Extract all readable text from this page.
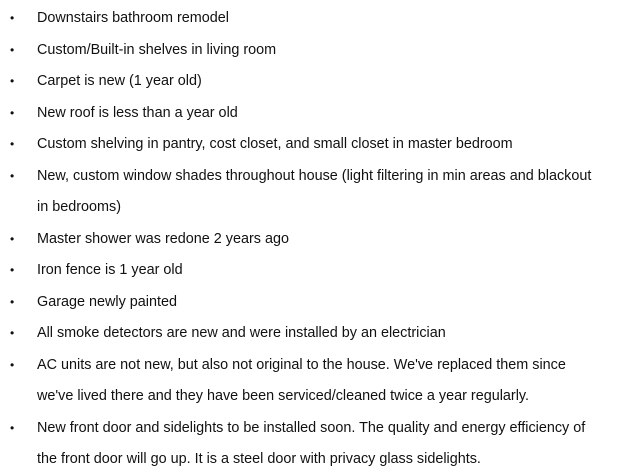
• Downstairs bathroom remodel
• Custom/Built-in shelves in living room
• Carpet is new (1 year old)
• New roof is less than a year old
• Custom shelving in pantry, cost closet, and small closet in master bedroom
• New, custom window shades throughout house (light filtering in min areas and blackout in bedrooms)
• Master shower was redone 2 years ago
• Iron fence is 1 year old
• Garage newly painted
• All smoke detectors are new and were installed by an electrician
• AC units are not new, but also not original to the house. We've replaced them since we've lived there and they have been serviced/cleaned twice a year regularly.
• New front door and sidelights to be installed soon. The quality and energy efficiency of the front door will go up. It is a steel door with privacy glass sidelights.
